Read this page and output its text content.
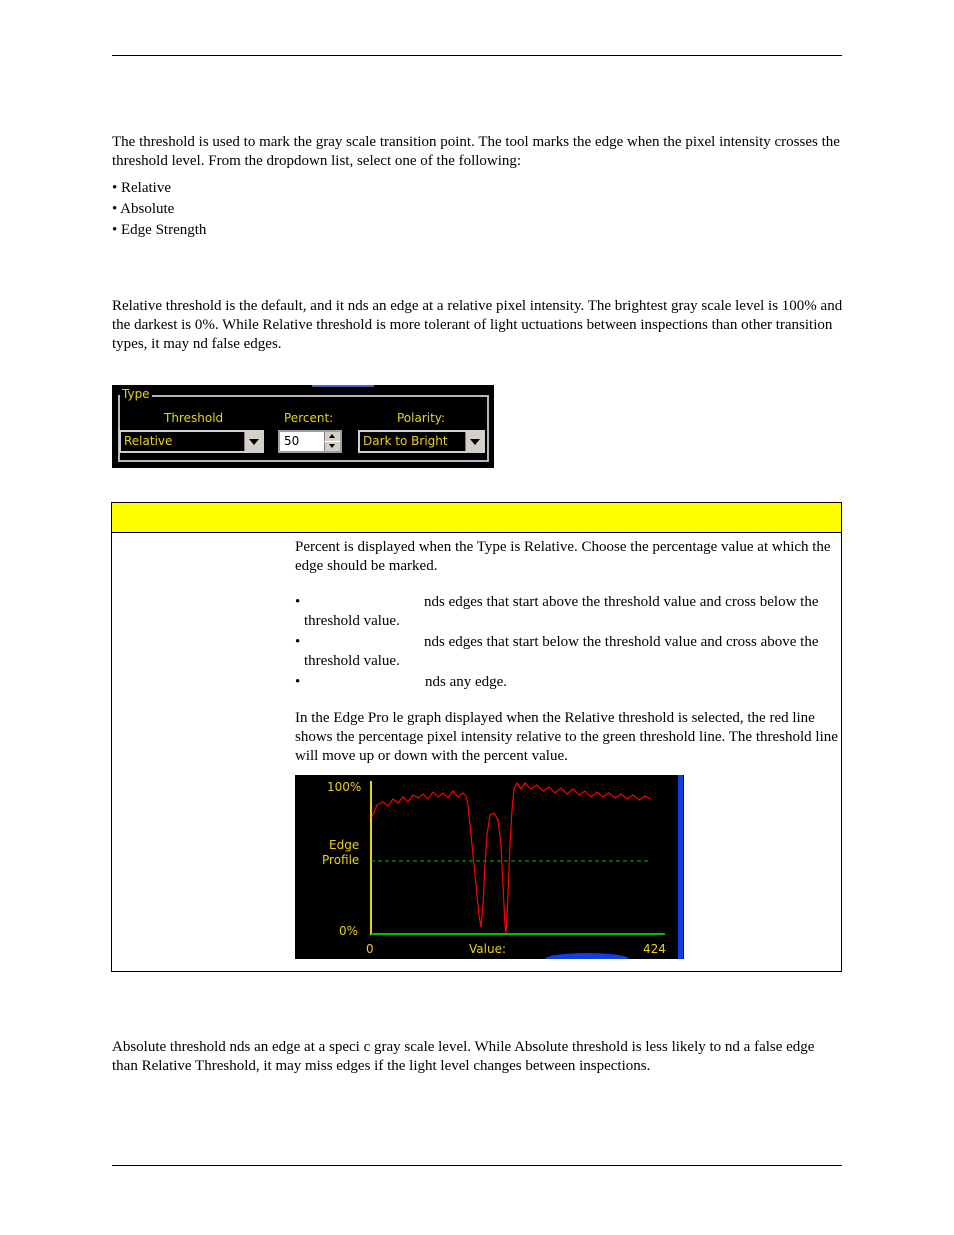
The threshold is used to mark the gray scale transition point. The tool marks the edge when the pixel intensity crosses the threshold level. From the dropdown list, select one of the following:

• Relative
• Absolute
• Edge Strength

Relative threshold is the default, and it nds an edge at a relative pixel intensity. The brightest gray scale level is 100% and the darkest is 0%. While Relative threshold is more tolerant of light uctuations between inspections than other transition types, it may nd false edges.

Type
Threshold	Percent:	Polarity:
Relative	50	Dark to Bright

Percent is displayed when the Type is Relative. Choose the percentage value at which the edge should be marked.

•	nds edges that start above the threshold value and cross below the threshold value.

•	nds edges that start below the threshold value and cross above the threshold value.

•	nds any edge.

In the Edge Pro le graph displayed when the Relative threshold is selected, the red line shows the percentage pixel intensity relative to the green threshold line. The threshold line will move up or down with the percent value.

100%
Edge
Profile
0%
0	Value:	424

Absolute threshold nds an edge at a speci c gray scale level. While Absolute threshold is less likely to nd a false edge than Relative Threshold, it may miss edges if the light level changes between inspections.
